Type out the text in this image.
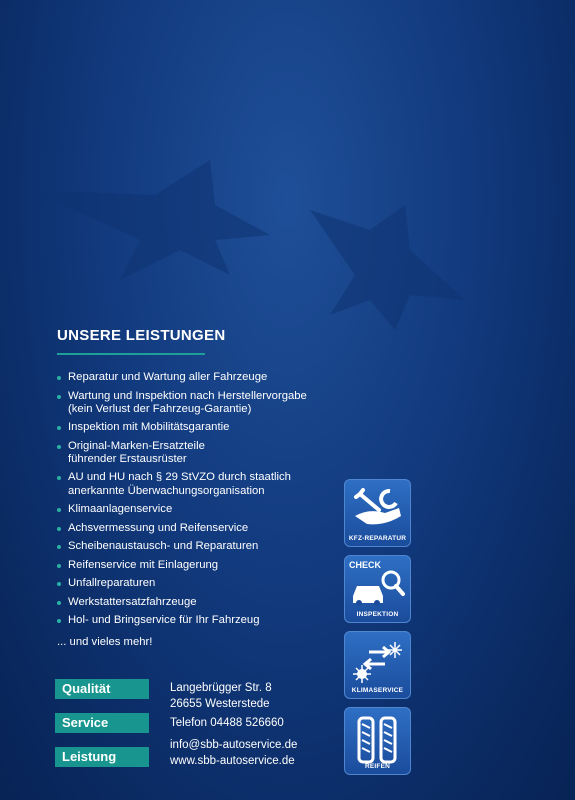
UNSERE LEISTUNGEN
Reparatur und Wartung aller Fahrzeuge
Wartung und Inspektion nach Herstellervorgabe
(kein Verlust der Fahrzeug-Garantie)
Inspektion mit Mobilitätsgarantie
Original-Marken-Ersatzteile
führender Erstausrüster
AU und HU nach § 29 StVZO durch staatlich
anerkannte Überwachungsorganisation
Klimaanlagenservice
Achsvermessung und Reifenservice
Scheibenaustausch- und Reparaturen
Reifenservice mit Einlagerung
Unfallreparaturen
Werkstattersatzfahrzeuge
Hol- und Bringservice für Ihr Fahrzeug
... und vieles mehr!
Qualität
Service
Leistung
Langebrügger Str. 8
26655 Westerstede
Telefon 04488 526660
info@sbb-autoservice.de
www.sbb-autoservice.de
KFZ-REPARATUR
CHECK
INSPEKTION
KLIMASERVICE
REIFEN
